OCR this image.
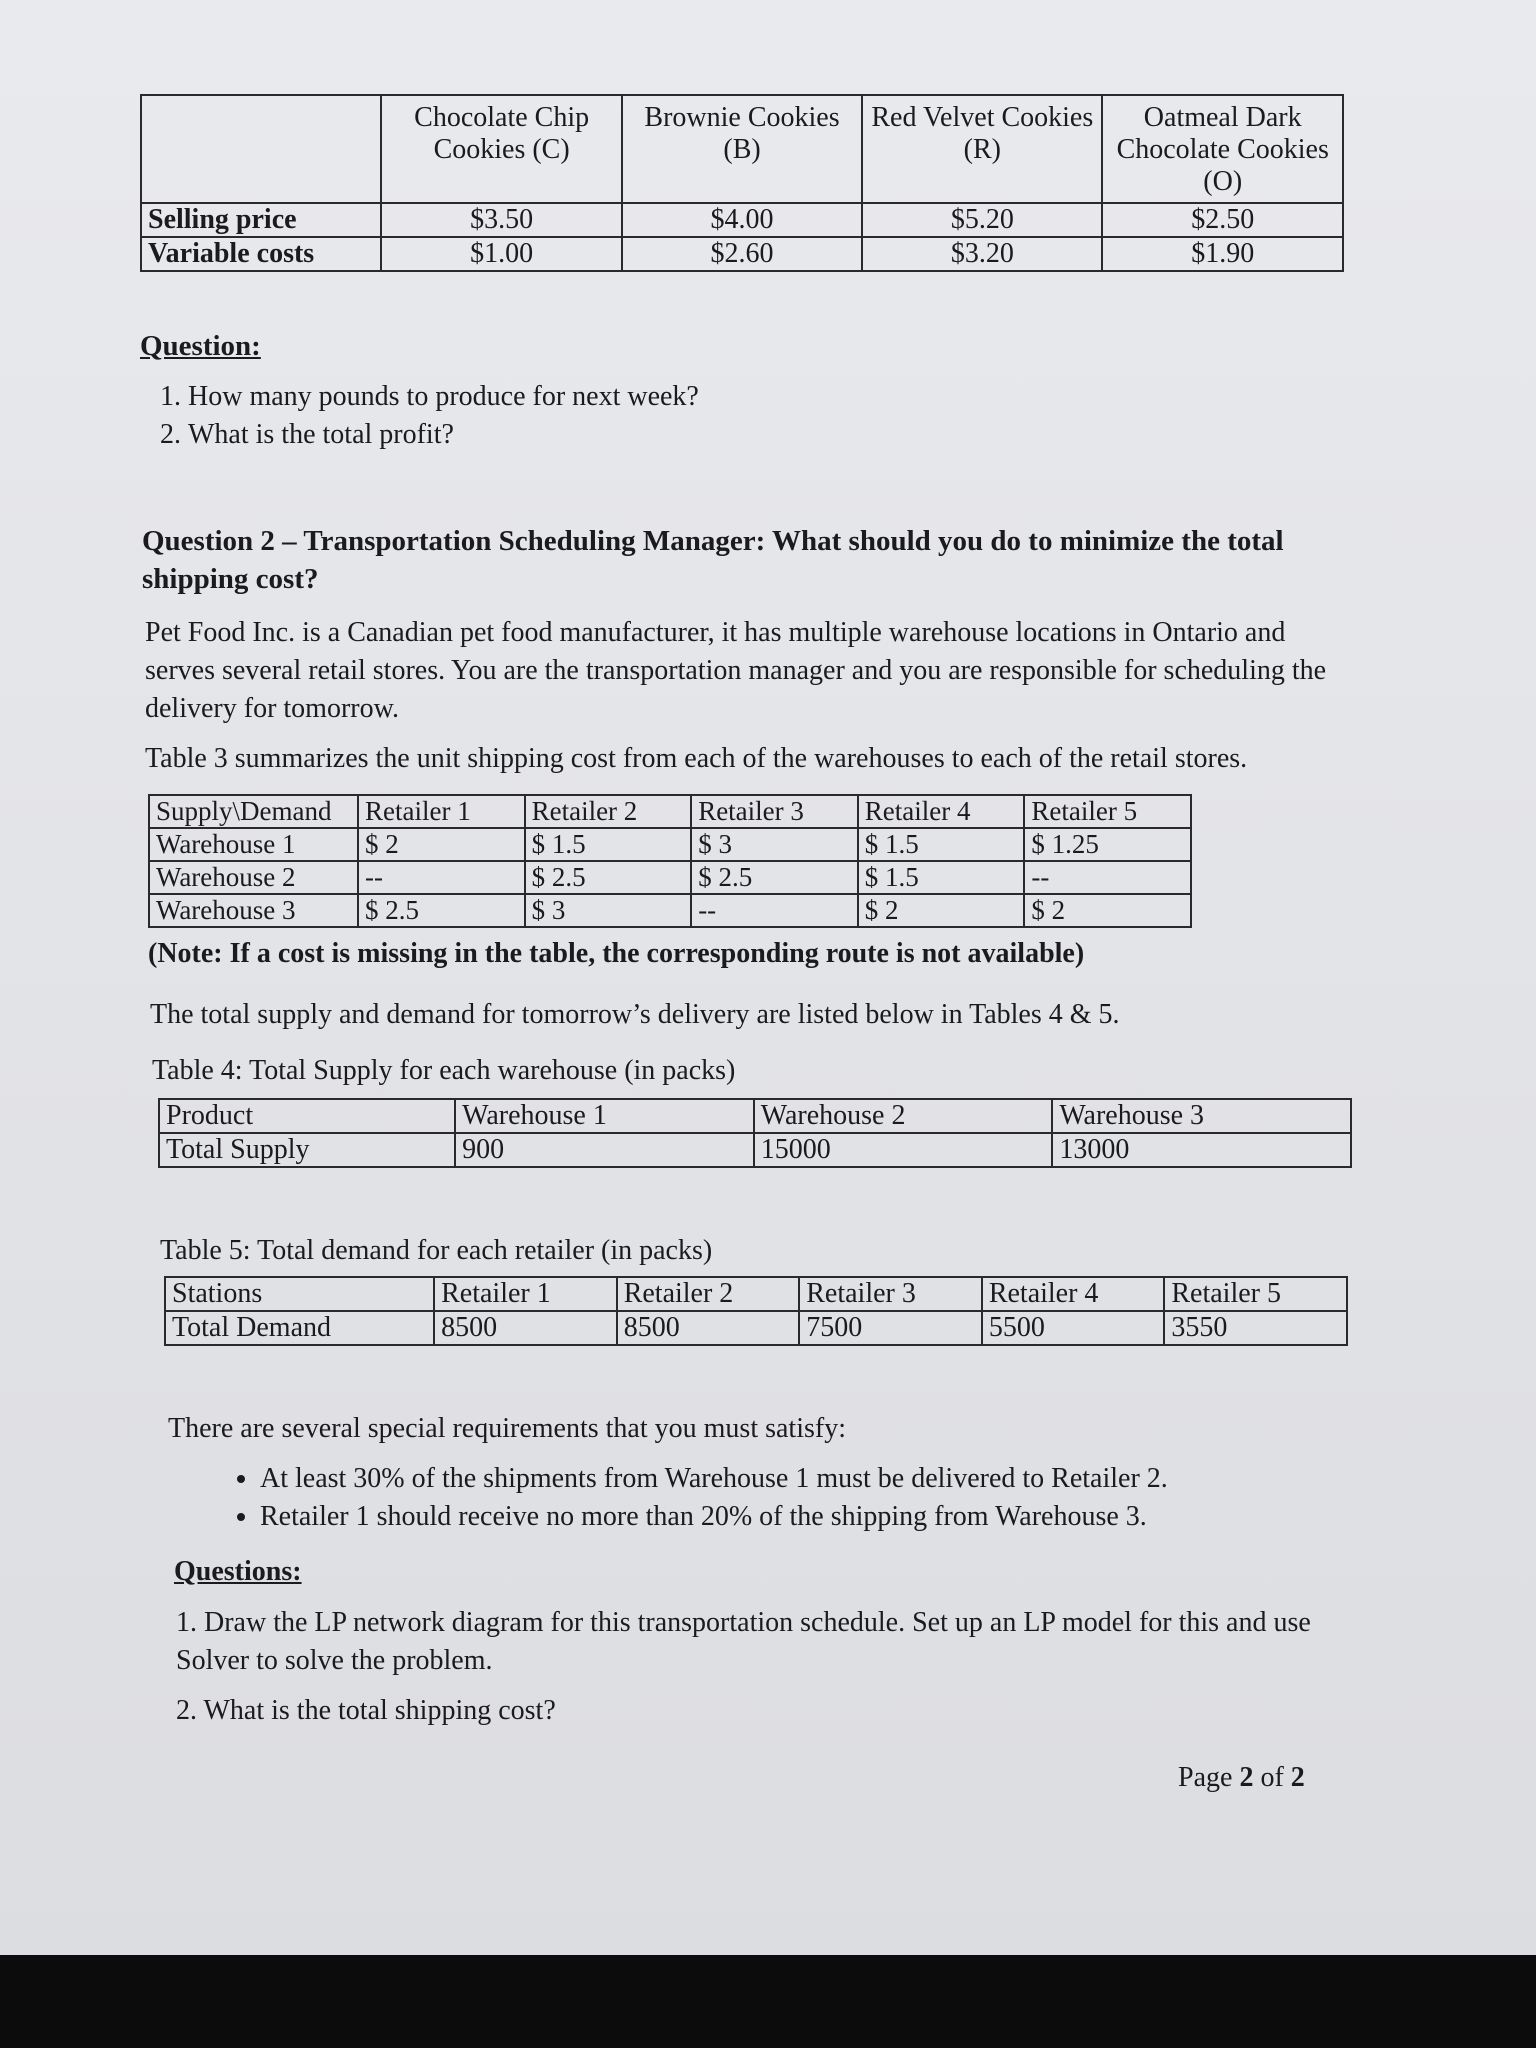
	Chocolate Chip Cookies (C)	Brownie Cookies (B)	Red Velvet Cookies (R)	Oatmeal Dark Chocolate Cookies (O)
Selling price	$3.50	$4.00	$5.20	$2.50
Variable costs	$1.00	$2.60	$3.20	$1.90
Question:
1. How many pounds to produce for next week?
2. What is the total profit?
Question 2 – Transportation Scheduling Manager: What should you do to minimize the total shipping cost?
Pet Food Inc. is a Canadian pet food manufacturer, it has multiple warehouse locations in Ontario and serves several retail stores. You are the transportation manager and you are responsible for scheduling the delivery for tomorrow.
Table 3 summarizes the unit shipping cost from each of the warehouses to each of the retail stores.
Supply\Demand	Retailer 1	Retailer 2	Retailer 3	Retailer 4	Retailer 5
Warehouse 1	$ 2	$ 1.5	$ 3	$ 1.5	$ 1.25
Warehouse 2	--	$ 2.5	$ 2.5	$ 1.5	--
Warehouse 3	$ 2.5	$ 3	--	$ 2	$ 2
(Note: If a cost is missing in the table, the corresponding route is not available)
The total supply and demand for tomorrow’s delivery are listed below in Tables 4 & 5.
Table 4: Total Supply for each warehouse (in packs)
Product	Warehouse 1	Warehouse 2	Warehouse 3
Total Supply	900	15000	13000
Table 5: Total demand for each retailer (in packs)
Stations	Retailer 1	Retailer 2	Retailer 3	Retailer 4	Retailer 5
Total Demand	8500	8500	7500	5500	3550
There are several special requirements that you must satisfy:
• At least 30% of the shipments from Warehouse 1 must be delivered to Retailer 2.
• Retailer 1 should receive no more than 20% of the shipping from Warehouse 3.
Questions:
1. Draw the LP network diagram for this transportation schedule. Set up an LP model for this and use Solver to solve the problem.
2. What is the total shipping cost?
Page 2 of 2
